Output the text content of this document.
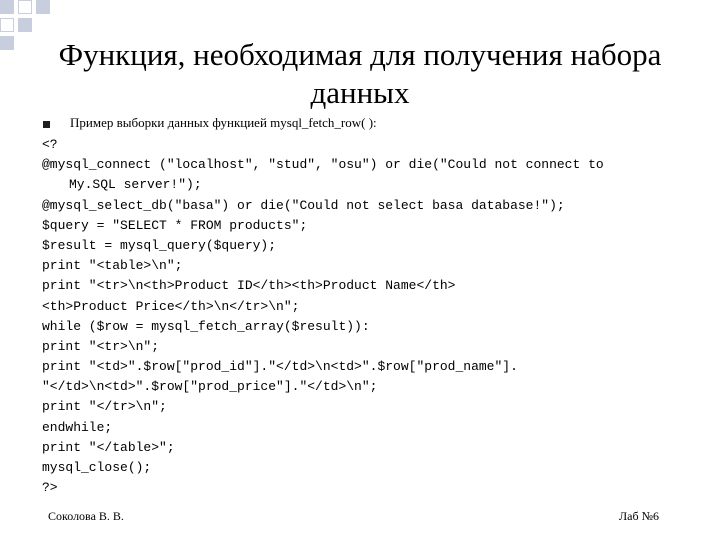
Функция, необходимая для получения набора
данных
Пример выборки данных функцией mysql_fetch_row( ):
<?
@mysql_connect ("localhost", "stud", "osu") or die("Could not connect to
My.SQL server!");
@mysql_select_db("basa") or die("Could not select basa database!");
$query = "SELECT * FROM products";
$result = mysql_query($query);
print "<table>\n";
print "<tr>\n<th>Product ID</th><th>Product Name</th>
<th>Product Price</th>\n</tr>\n";
while ($row = mysql_fetch_array($result)):
print "<tr>\n";
print "<td>".$row["prod_id"]."</td>\n<td>".$row["prod_name"].
"</td>\n<td>".$row["prod_price"]."</td>\n";
print "</tr>\n";
endwhile;
print "</table>";
mysql_close();
?>
Соколова В. В.	Лаб №6
